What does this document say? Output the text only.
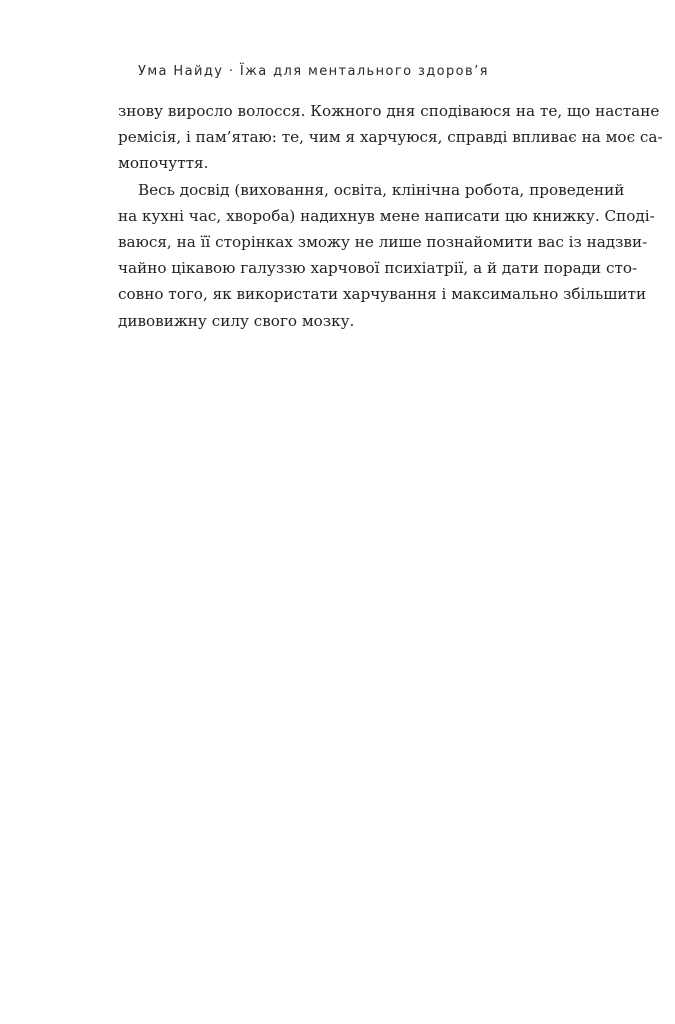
Ума Найду · Їжа для ментального здоров’я
знову виросло волосся. Кожного дня сподіваюся на те, що настане
ремісія, і пам’ятаю: те, чим я харчуюся, справді впливає на моє са-
мопочуття.
Весь досвід (виховання, освіта, клінічна робота, проведений
на кухні час, хвороба) надихнув мене написати цю книжку. Споді-
ваюся, на її сторінках зможу не лише познайомити вас із надзви-
чайно цікавою галуззю харчової психіатрії, а й дати поради сто-
совно того, як використати харчування і максимально збільшити
дивовижну силу свого мозку.
